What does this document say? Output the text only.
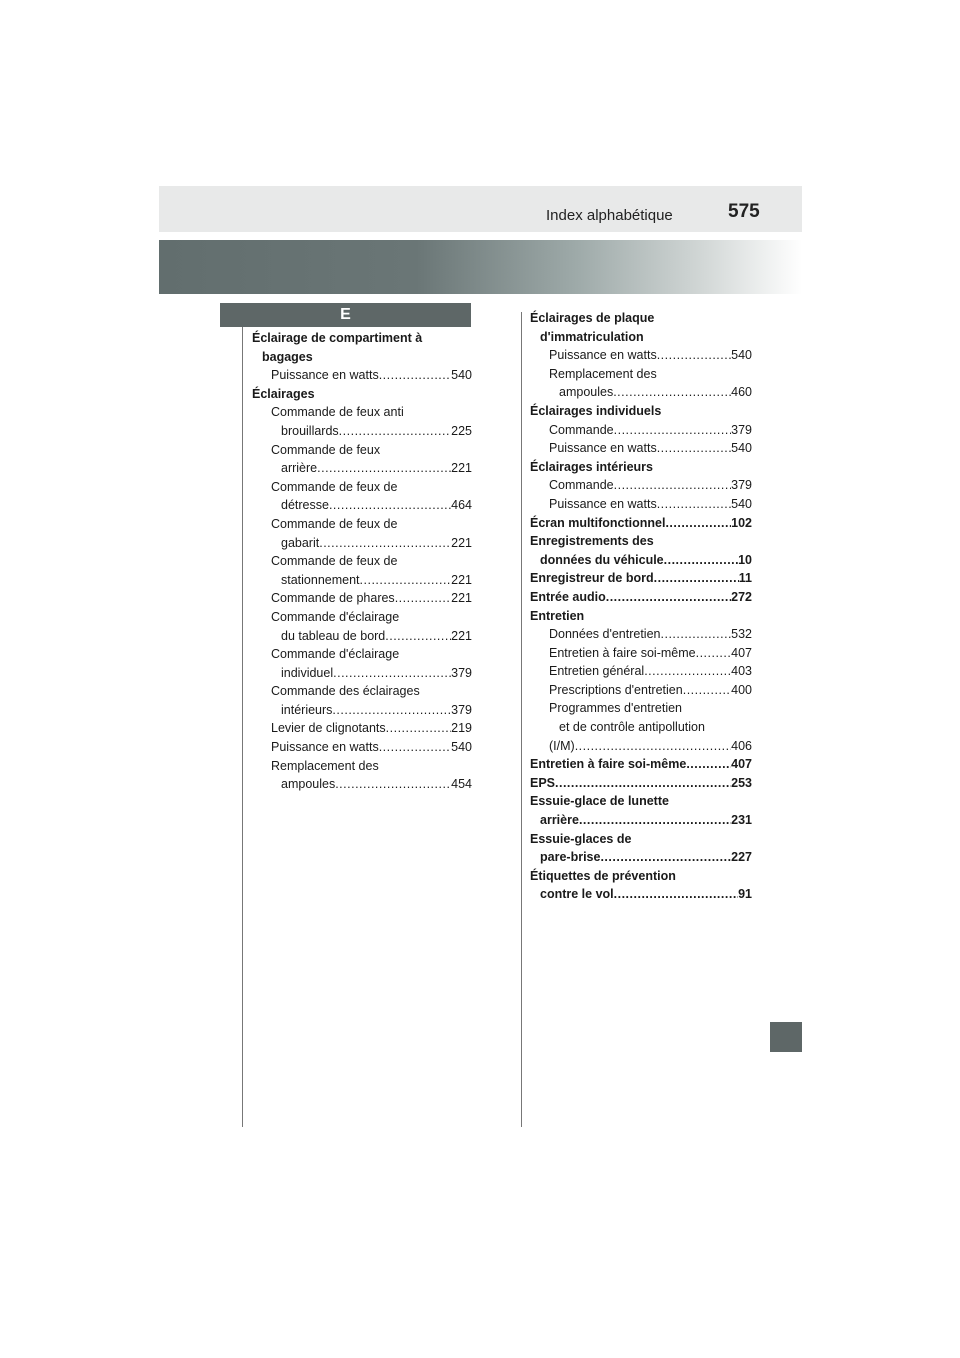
Index alphabétique	575
E
Éclairage de compartiment à
bagages
Puissance en watts .....	540
Éclairages
Commande de feux anti
brouillards .....	225
Commande de feux
arrière .....	221
Commande de feux de
détresse .....	464
Commande de feux de
gabarit .....	221
Commande de feux de
stationnement .....	221
Commande de phares .....	221
Commande d'éclairage
du tableau de bord .....	221
Commande d'éclairage
individuel .....	379
Commande des éclairages
intérieurs .....	379
Levier de clignotants .....	219
Puissance en watts .....	540
Remplacement des
ampoules .....	454
Éclairages de plaque
d'immatriculation
Puissance en watts .....	540
Remplacement des
ampoules .....	460
Éclairages individuels
Commande .....	379
Puissance en watts .....	540
Éclairages intérieurs
Commande .....	379
Puissance en watts .....	540
Écran multifonctionnel .....	102
Enregistrements des
données du véhicule .....	10
Enregistreur de bord .....	11
Entrée audio .....	272
Entretien
Données d'entretien .....	532
Entretien à faire soi-même .....	407
Entretien général .....	403
Prescriptions d'entretien .....	400
Programmes d'entretien
et de contrôle antipollution
(I/M) .....	406
Entretien à faire soi-même .....	407
EPS .....	253
Essuie-glace de lunette
arrière .....	231
Essuie-glaces de
pare-brise .....	227
Étiquettes de prévention
contre le vol .....	91
